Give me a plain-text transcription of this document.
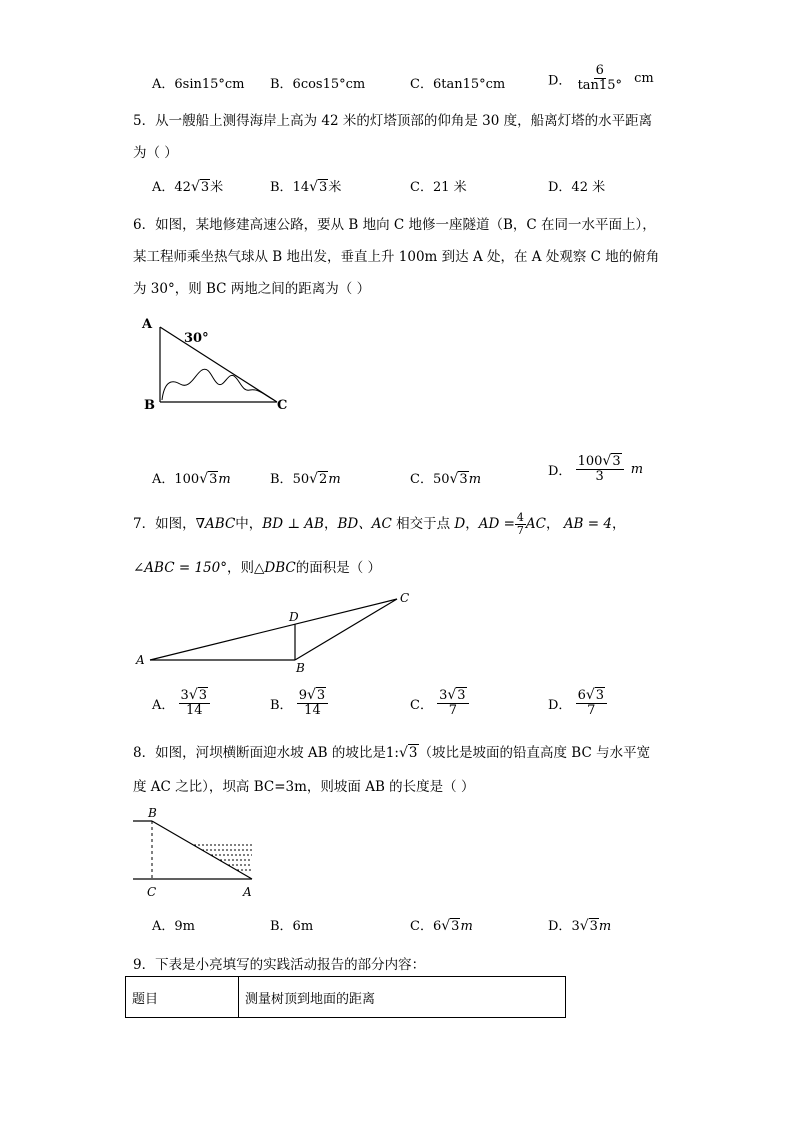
A．6sin15°cm B．6cos15°cm	C．6tan15°cm	D． $\frac{6}{\tan 15^\circ}$ cm
5．从一艘船上测得海岸上高为 42 米的灯塔顶部的仰角是 30 度，船离灯塔的水平距离
为（ ）
A．42√3米	B．14√3米	C．21 米	D．42 米
6．如图，某地修建高速公路，要从 B 地向 C 地修一座隧道（B，C 在同一水平面上），
某工程师乘坐热气球从 B 地出发，垂直上升 100m 到达 A 处，在 A 处观察 C 地的俯角
为 30°，则 BC 两地之间的距离为（ ）
A
B	C
30°
A．100√3m	B．50√2m	C．50√3m
D． $\frac{100√3}{3}$ m
7．如图，∇ABC中，BD ⊥ AB，BD、AC 相交于点 D，AD = $\frac{4}{7}$ AC， AB = 4，
∠ABC = 150°，则△DBC的面积是（ ）
A
B
C
D
A． $\frac{3√3}{14}$	B． $\frac{9√3}{14}$	C． $\frac{3√3}{7}$	D． $\frac{6√3}{7}$
8．如图，河坝横断面迎水坡 AB 的坡比是1:√3（坡比是坡面的铅直高度 BC 与水平宽
度 AC 之比），坝高 BC=3m，则坡面 AB 的长度是（ ）
B
C	A
A．9m	B．6m	C．6√3m	D．3√3m
9．下表是小亮填写的实践活动报告的部分内容：
题目	测量树顶到地面的距离
